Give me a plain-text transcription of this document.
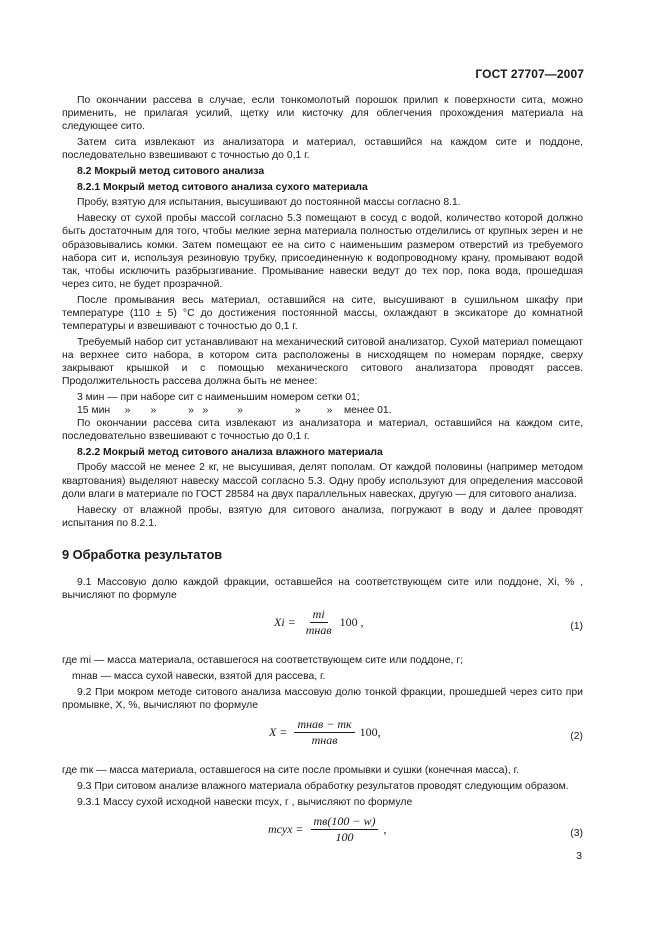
ГОСТ 27707—2007

По окончании рассева в случае, если тонкомолотый порошок прилип к поверхности сита, можно применить, не прилагая усилий, щетку или кисточку для облегчения прохождения материала на следующее сито.

Затем сита извлекают из анализатора и материал, оставшийся на каждом сите и поддоне, последовательно взвешивают с точностью до 0,1 г.

8.2 Мокрый метод ситового анализа
8.2.1 Мокрый метод ситового анализа сухого материала

Пробу, взятую для испытания, высушивают до постоянной массы согласно 8.1.

Навеску от сухой пробы массой согласно 5.3 помещают в сосуд с водой, количество которой должно быть достаточным для того, чтобы мелкие зерна материала полностью отделились от крупных зерен и не образовывались комки. Затем помещают ее на сито с наименьшим размером отверстий из требуемого набора сит и, используя резиновую трубку, присоединенную к водопроводному крану, промывают водой так, чтобы исключить разбрызгивание. Промывание навески ведут до тех пор, пока вода, прошедшая через сито, не будет прозрачной.

После промывания весь материал, оставшийся на сите, высушивают в сушильном шкафу при температуре (110 ± 5) °С до достижения постоянной массы, охлаждают в эксикаторе до комнатной температуры и взвешивают с точностью до 0,1 г.

Требуемый набор сит устанавливают на механический ситовой анализатор. Сухой материал помещают на верхнее сито набора, в котором сита расположены в нисходящем по номерам порядке, сверху закрывают крышкой и с помощью механического ситового анализатора проводят рассев. Продолжительность рассева должна быть не менее:

3 мин — при наборе сит с наименьшим номером сетки 01;
15 мин     »       »           »   »          »                  »         »    менее 01.

По окончании рассева сита извлекают из анализатора и материал, оставшийся на каждом сите, последовательно взвешивают с точностью до 0,1 г.

8.2.2 Мокрый метод ситового анализа влажного материала

Пробу массой не менее 2 кг, не высушивая, делят пополам. От каждой половины (например методом квартования) выделяют навеску массой согласно 5.3. Одну пробу используют для определения массовой доли влаги в материале по ГОСТ 28584 на двух параллельных навесках, другую — для ситового анализа.

Навеску от влажной пробы, взятую для ситового анализа, погружают в воду и далее проводят испытания по 8.2.1.

9 Обработка результатов

9.1 Массовую долю каждой фракции, оставшейся на соответствующем сите или поддоне, Xi, % , вычисляют по формуле

$Xi = \frac{mi}{\text{mнав}} 100$ ,	(1)

где mi — масса материала, оставшегося на соответствующем сите или поддоне, г;

mнав — масса сухой навески, взятой для рассева, г.

9.2 При мокром методе ситового анализа массовую долю тонкой фракции, прошедшей через сито при промывке, X, %, вычисляют по формуле

$X = \frac{\text{mнав − mк}}{\text{mнав}} 100$,	(2)

где mк — масса материала, оставшегося на сите после промывки и сушки (конечная масса), г.

9.3 При ситовом анализе влажного материала обработку результатов проводят следующим образом.

9.3.1 Массу сухой исходной навески mсух, г , вычисляют по формуле

mсух = $\frac{mв(100 - w)}{100}$ ,	(3)
3
